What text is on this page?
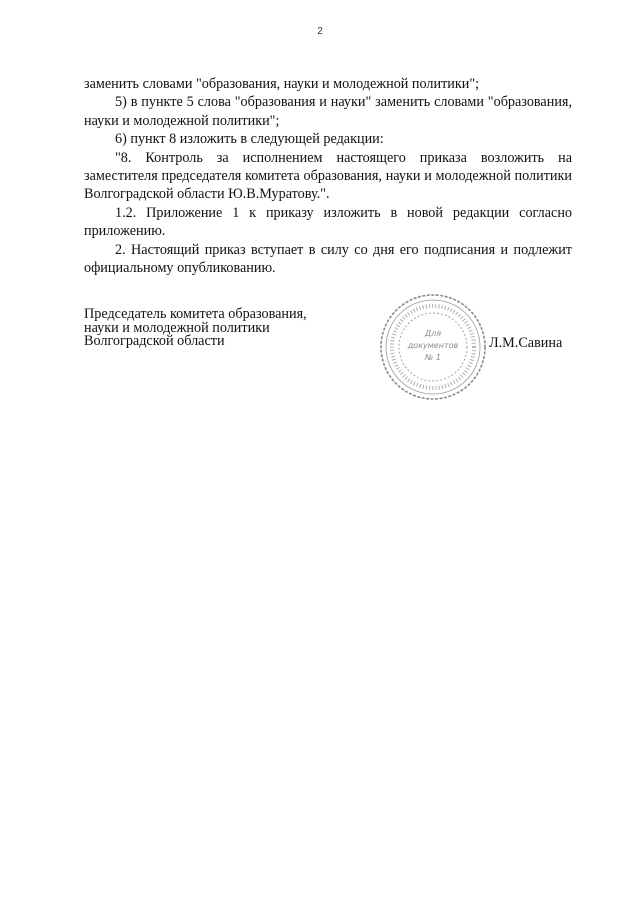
2

заменить словами "образования, науки и молодежной политики";

5) в пункте 5 слова "образования и науки" заменить словами "образования, науки и молодежной политики";

6) пункт 8 изложить в следующей редакции:

"8. Контроль за исполнением настоящего приказа возложить на заместителя председателя комитета образования, науки и молодежной политики Волгоградской области Ю.В.Муратову.".

1.2. Приложение 1 к приказу изложить в новой редакции согласно приложению.

2. Настоящий приказ вступает в силу со дня его подписания и подлежит официальному опубликованию.

Председатель комитета образования,
науки и молодежной политики
Волгоградской области	Для
документов
№ 1
Л.М.Савина
